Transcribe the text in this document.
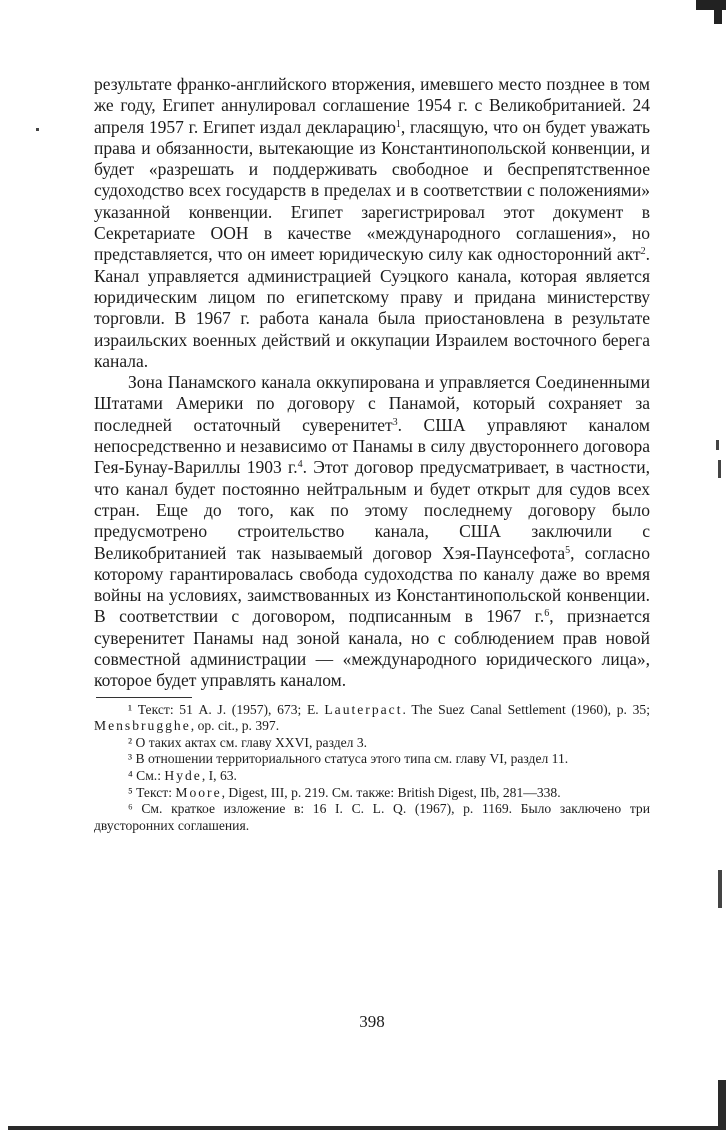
результате франко-английского вторжения, имевшего место позднее в том же году, Египет аннулировал соглашение 1954 г. с Великобританией. 24 апреля 1957 г. Египет издал декларацию$^1$, гласящую, что он будет уважать права и обязанности, вытекающие из Константинопольской конвенции, и будет «разрешать и поддерживать свободное и беспрепятственное судоходство всех государств в пределах и в соответствии с положениями» указанной конвенции. Египет зарегистрировал этот документ в Секретариате ООН в качестве «международного соглашения», но представляется, что он имеет юридическую силу как односторонний акт$^2$. Канал управляется администрацией Суэцкого канала, которая является юридическим лицом по египетскому праву и придана министерству торговли. В 1967 г. работа канала была приостановлена в результате израильских военных действий и оккупации Израилем восточного берега канала.

Зона Панамского канала оккупирована и управляется Соединенными Штатами Америки по договору с Панамой, который сохраняет за последней остаточный суверенитет$^3$. США управляют каналом непосредственно и независимо от Панамы в силу двустороннего договора Гея-Бунау-Вариллы 1903 г.$^4$. Этот договор предусматривает, в частности, что канал будет постоянно нейтральным и будет открыт для судов всех стран. Еще до того, как по этому последнему договору было предусмотрено строительство канала, США заключили с Великобританией так называемый договор Хэя-Паунсефота$^5$, согласно которому гарантировалась свобода судоходства по каналу даже во время войны на условиях, заимствованных из Константинопольской конвенции. В соответствии с договором, подписанным в 1967 г.$^6$, признается суверенитет Панамы над зоной канала, но с соблюдением прав новой совместной администрации — «международного юридического лица», которое будет управлять каналом.

¹ Текст: 51 A. J. (1957), 673; E. Lauterpact. The Suez Canal Settlement (1960), p. 35; Mensbrugghe, op. cit., p. 397.

² О таких актах см. главу XXVI, раздел 3.

³ В отношении территориального статуса этого типа см. главу VI, раздел 11.

⁴ См.: Hyde, I, 63.

⁵ Текст: Moore, Digest, III, p. 219. См. также: British Digest, IIb, 281—338.

⁶ См. краткое изложение в: 16 I. C. L. Q. (1967), p. 1169. Было заключено три двусторонних соглашения.

398
